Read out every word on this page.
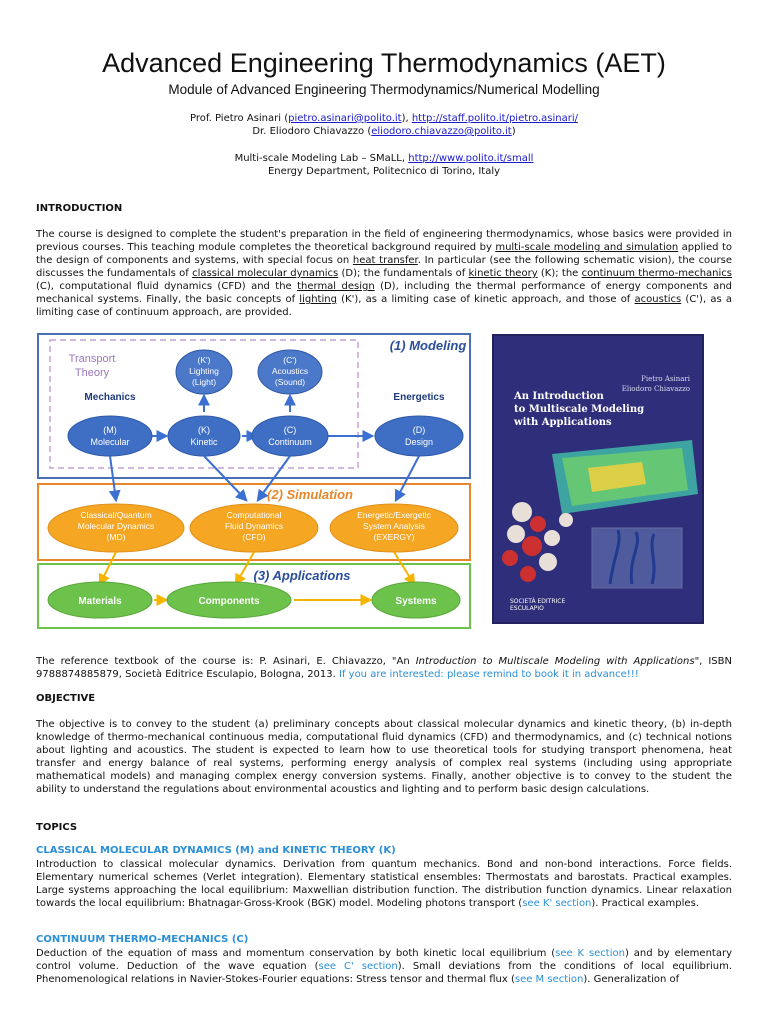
Advanced Engineering Thermodynamics (AET)
Module of Advanced Engineering Thermodynamics/Numerical Modelling
Prof. Pietro Asinari (pietro.asinari@polito.it), http://staff.polito.it/pietro.asinari/
Dr. Eliodoro Chiavazzo (eliodoro.chiavazzo@polito.it)
Multi-scale Modeling Lab – SMaLL, http://www.polito.it/small
Energy Department, Politecnico di Torino, Italy
INTRODUCTION
The course is designed to complete the student's preparation in the field of engineering thermodynamics, whose basics were provided in previous courses. This teaching module completes the theoretical background required by multi-scale modeling and simulation applied to the design of components and systems, with special focus on heat transfer. In particular (see the following schematic vision), the course discusses the fundamentals of classical molecular dynamics (D); the fundamentals of kinetic theory (K); the continuum thermo-mechanics (C), computational fluid dynamics (CFD) and the thermal design (D), including the thermal performance of energy components and mechanical systems. Finally, the basic concepts of lighting (K'), as a limiting case of kinetic approach, and those of acoustics (C'), as a limiting case of continuum approach, are provided.
(1) Modeling
Transport
Theory
Mechanics	Energetics
(K')
Lighting
(Light)
(C')
Acoustics
(Sound)
(M)
Molecular
(K)
Kinetic
(C)
Continuum
(D)
Design
(2) Simulation
Classical/Quantum
Molecular Dynamics
(MD)
Computational
Fluid Dynamics
(CFD)
Energetic/Exergetic
System Analysis
(EXERGY)
(3) Applications
Materials	Components	Systems
Pietro Asinari
Eliodoro Chiavazzo
An Introduction
to Multiscale Modeling
with Applications
SOCIETÀ EDITRICE
ESCULAPIO
The reference textbook of the course is: P. Asinari, E. Chiavazzo, "An Introduction to Multiscale Modeling with Applications", ISBN 9788874885879, Società Editrice Esculapio, Bologna, 2013. If you are interested: please remind to book it in advance!!!
OBJECTIVE
The objective is to convey to the student (a) preliminary concepts about classical molecular dynamics and kinetic theory, (b) in-depth knowledge of thermo-mechanical continuous media, computational fluid dynamics (CFD) and thermodynamics, and (c) technical notions about lighting and acoustics. The student is expected to learn how to use theoretical tools for studying transport phenomena, heat transfer and energy balance of real systems, performing energy analysis of complex real systems (including using appropriate mathematical models) and managing complex energy conversion systems. Finally, another objective is to convey to the student the ability to understand the regulations about environmental acoustics and lighting and to perform basic design calculations.
TOPICS
CLASSICAL MOLECULAR DYNAMICS (M) and KINETIC THEORY (K)
Introduction to classical molecular dynamics. Derivation from quantum mechanics. Bond and non-bond interactions. Force fields. Elementary numerical schemes (Verlet integration). Elementary statistical ensembles: Thermostats and barostats. Practical examples. Large systems approaching the local equilibrium: Maxwellian distribution function. The distribution function dynamics. Linear relaxation towards the local equilibrium: Bhatnagar-Gross-Krook (BGK) model. Modeling photons transport (see K' section). Practical examples.
CONTINUUM THERMO-MECHANICS (C)
Deduction of the equation of mass and momentum conservation by both kinetic local equilibrium (see K section) and by elementary control volume. Deduction of the wave equation (see C' section). Small deviations from the conditions of local equilibrium. Phenomenological relations in Navier-Stokes-Fourier equations: Stress tensor and thermal flux (see M section). Generalization of
